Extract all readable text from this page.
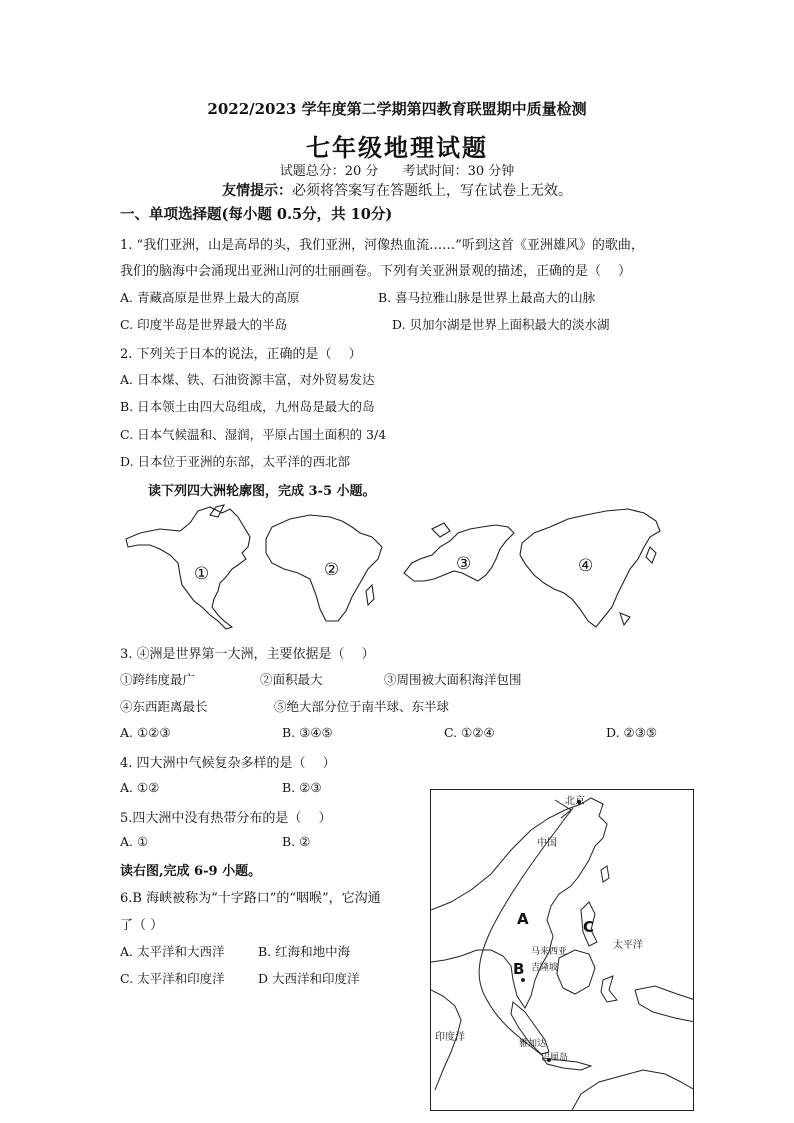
2022/2023 学年度第二学期第四教育联盟期中质量检测
七年级地理试题
试题总分：20 分 考试时间：30 分钟
友情提示：必须将答案写在答题纸上，写在试卷上无效。
一、单项选择题(每小题 0.5分，共 10分)
1. “我们亚洲，山是高昂的头，我们亚洲，河像热血流……”听到这首《亚洲雄风》的歌曲，
我们的脑海中会涌现出亚洲山河的壮丽画卷。下列有关亚洲景观的描述，正确的是（　 ）
A. 青藏高原是世界上最大的高原	B. 喜马拉雅山脉是世界上最高大的山脉
C. 印度半岛是世界最大的半岛	D. 贝加尔湖是世界上面积最大的淡水湖
2. 下列关于日本的说法，正确的是（　 ）
A. 日本煤、铁、石油资源丰富，对外贸易发达
B. 日本领土由四大岛组成，九州岛是最大的岛
C. 日本气候温和、湿润，平原占国土面积的 3/4
D. 日本位于亚洲的东部，太平洋的西北部
读下列四大洲轮廓图，完成 3-5 小题。
①	②	③	④
3. ④洲是世界第一大洲，主要依据是（　 ）
①跨纬度最广	②面积最大	③周围被大面积海洋包围
④东西距离最长	⑤绝大部分位于南半球、东半球
A. ①②③	B. ③④⑤	C. ①②④	D. ②③⑤
4. 四大洲中气候复杂多样的是（　 ）
A. ①②	B. ②③
5.四大洲中没有热带分布的是（　 ）
A. ①	B. ②
读右图,完成 6-9 小题。
6.B 海峡被称为“十字路口”的“咽喉”，它沟通
了（ ）
A. 太平洋和大西洋	B. 红海和地中海
C. 太平洋和印度洋	D 大西洋和印度洋
北京
中国
太平洋
印度洋
马来西亚
吉隆坡
雅加达
巴厘岛
A
B
C
